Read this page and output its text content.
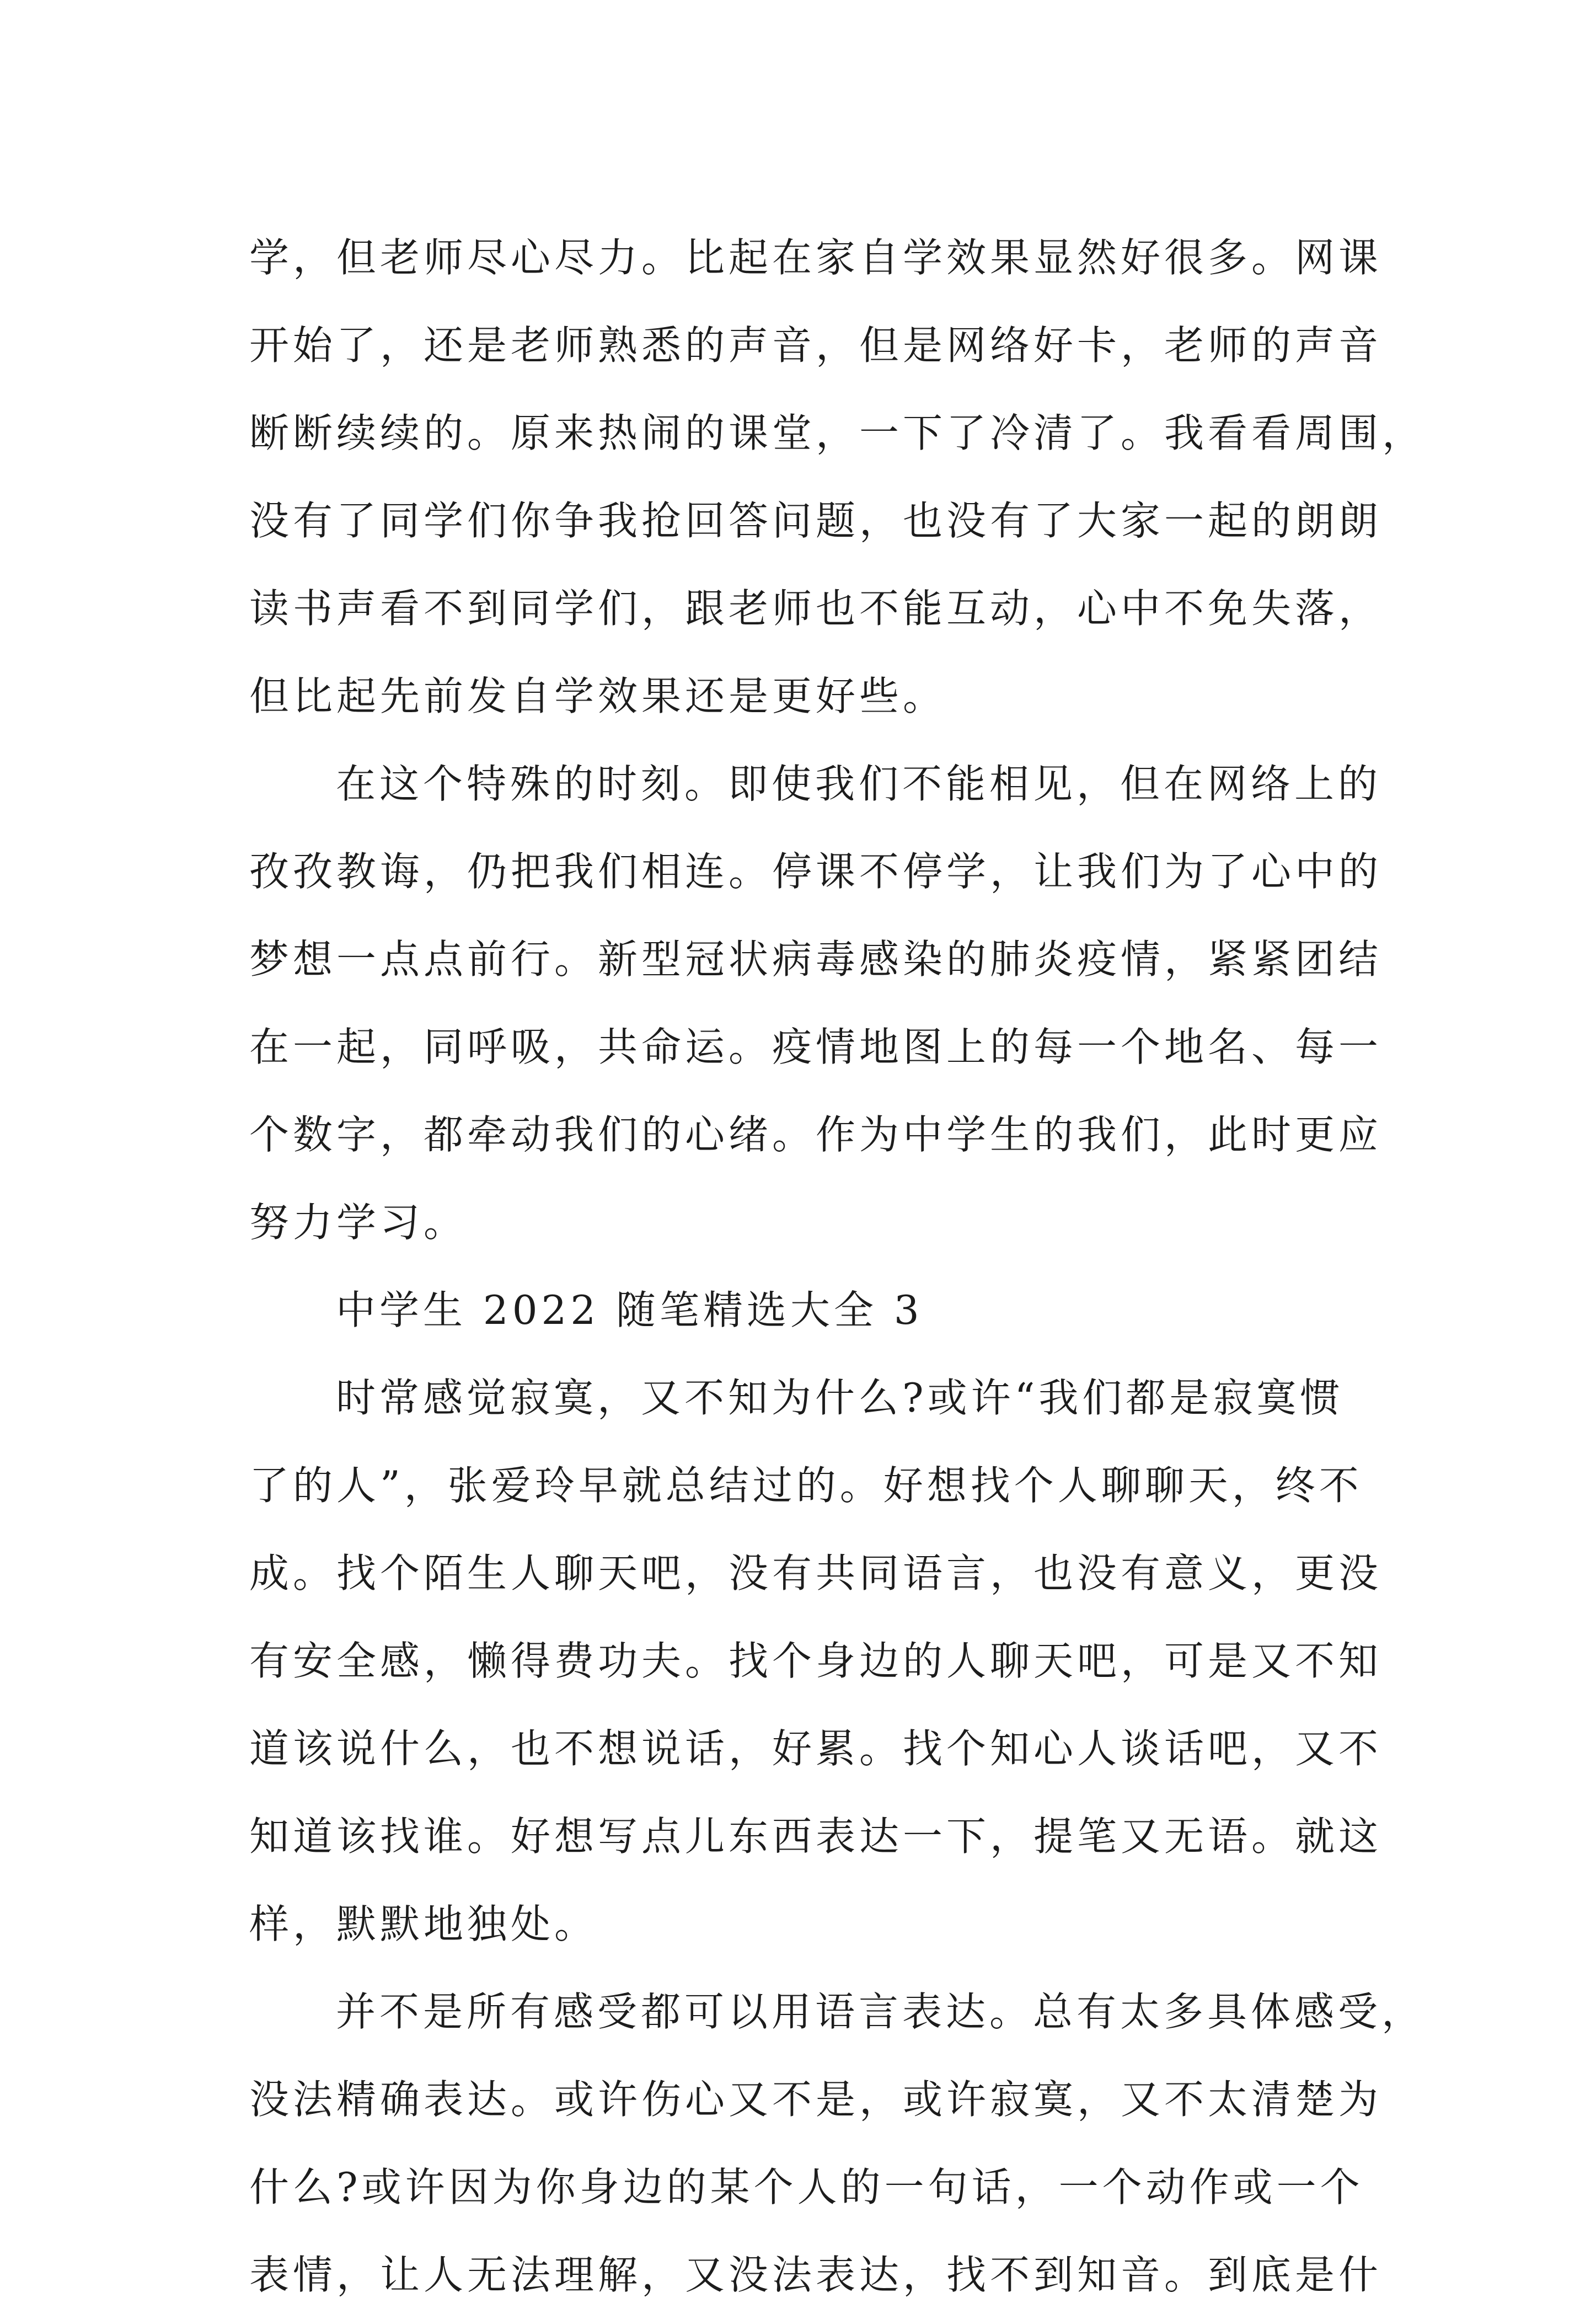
学，但老师尽心尽力。比起在家自学效果显然好很多。网课
开始了，还是老师熟悉的声音，但是网络好卡，老师的声音
断断续续的。原来热闹的课堂，一下了冷清了。我看看周围，
没有了同学们你争我抢回答问题，也没有了大家一起的朗朗
读书声看不到同学们，跟老师也不能互动，心中不免失落，
但比起先前发自学效果还是更好些。
在这个特殊的时刻。即使我们不能相见，但在网络上的
孜孜教诲，仍把我们相连。停课不停学，让我们为了心中的
梦想一点点前行。新型冠状病毒感染的肺炎疫情，紧紧团结
在一起，同呼吸，共命运。疫情地图上的每一个地名、每一
个数字，都牵动我们的心绪。作为中学生的我们，此时更应
努力学习。
中学生 2022 随笔精选大全 3
时常感觉寂寞，又不知为什么?或许“我们都是寂寞惯
了的人”，张爱玲早就总结过的。好想找个人聊聊天，终不
成。找个陌生人聊天吧，没有共同语言，也没有意义，更没
有安全感，懒得费功夫。找个身边的人聊天吧，可是又不知
道该说什么，也不想说话，好累。找个知心人谈话吧，又不
知道该找谁。好想写点儿东西表达一下，提笔又无语。就这
样，默默地独处。
并不是所有感受都可以用语言表达。总有太多具体感受，
没法精确表达。或许伤心又不是，或许寂寞，又不太清楚为
什么?或许因为你身边的某个人的一句话，一个动作或一个
表情，让人无法理解，又没法表达，找不到知音。到底是什
